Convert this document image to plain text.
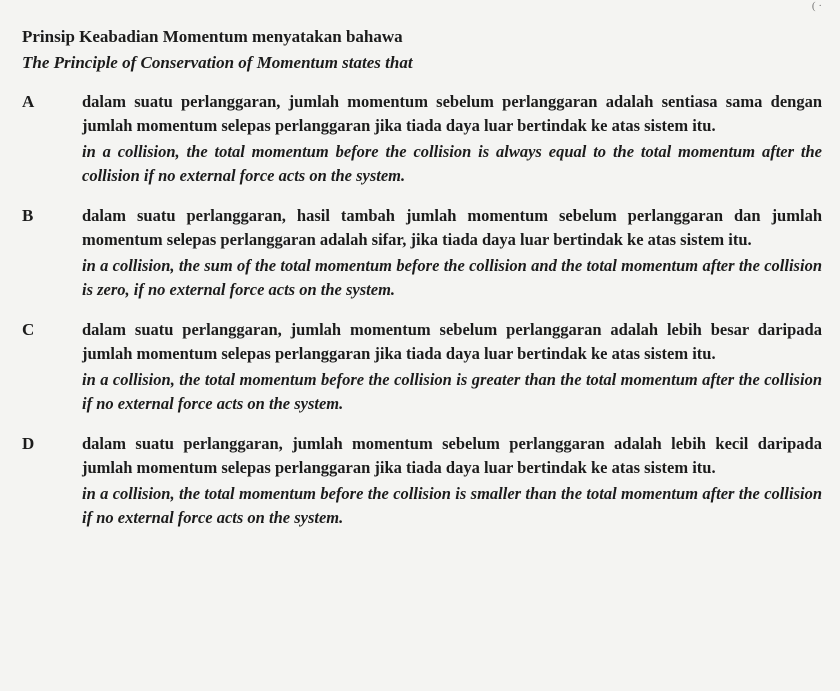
( ·

Prinsip Keabadian Momentum menyatakan bahawa

The Principle of Conservation of Momentum states that

A	dalam suatu perlanggaran, jumlah momentum sebelum perlanggaran adalah sentiasa sama dengan jumlah momentum selepas perlanggaran jika tiada daya luar bertindak ke atas sistem itu.

in a collision, the total momentum before the collision is always equal to the total momentum after the collision if no external force acts on the system.

B	dalam suatu perlanggaran, hasil tambah jumlah momentum sebelum perlanggaran dan jumlah momentum selepas perlanggaran adalah sifar, jika tiada daya luar bertindak ke atas sistem itu.

in a collision, the sum of the total momentum before the collision and the total momentum after the collision is zero, if no external force acts on the system.

C	dalam suatu perlanggaran, jumlah momentum sebelum perlanggaran adalah lebih besar daripada jumlah momentum selepas perlanggaran jika tiada daya luar bertindak ke atas sistem itu.

in a collision, the total momentum before the collision is greater than the total momentum after the collision if no external force acts on the system.

D	dalam suatu perlanggaran, jumlah momentum sebelum perlanggaran adalah lebih kecil daripada jumlah momentum selepas perlanggaran jika tiada daya luar bertindak ke atas sistem itu.

in a collision, the total momentum before the collision is smaller than the total momentum after the collision if no external force acts on the system.
